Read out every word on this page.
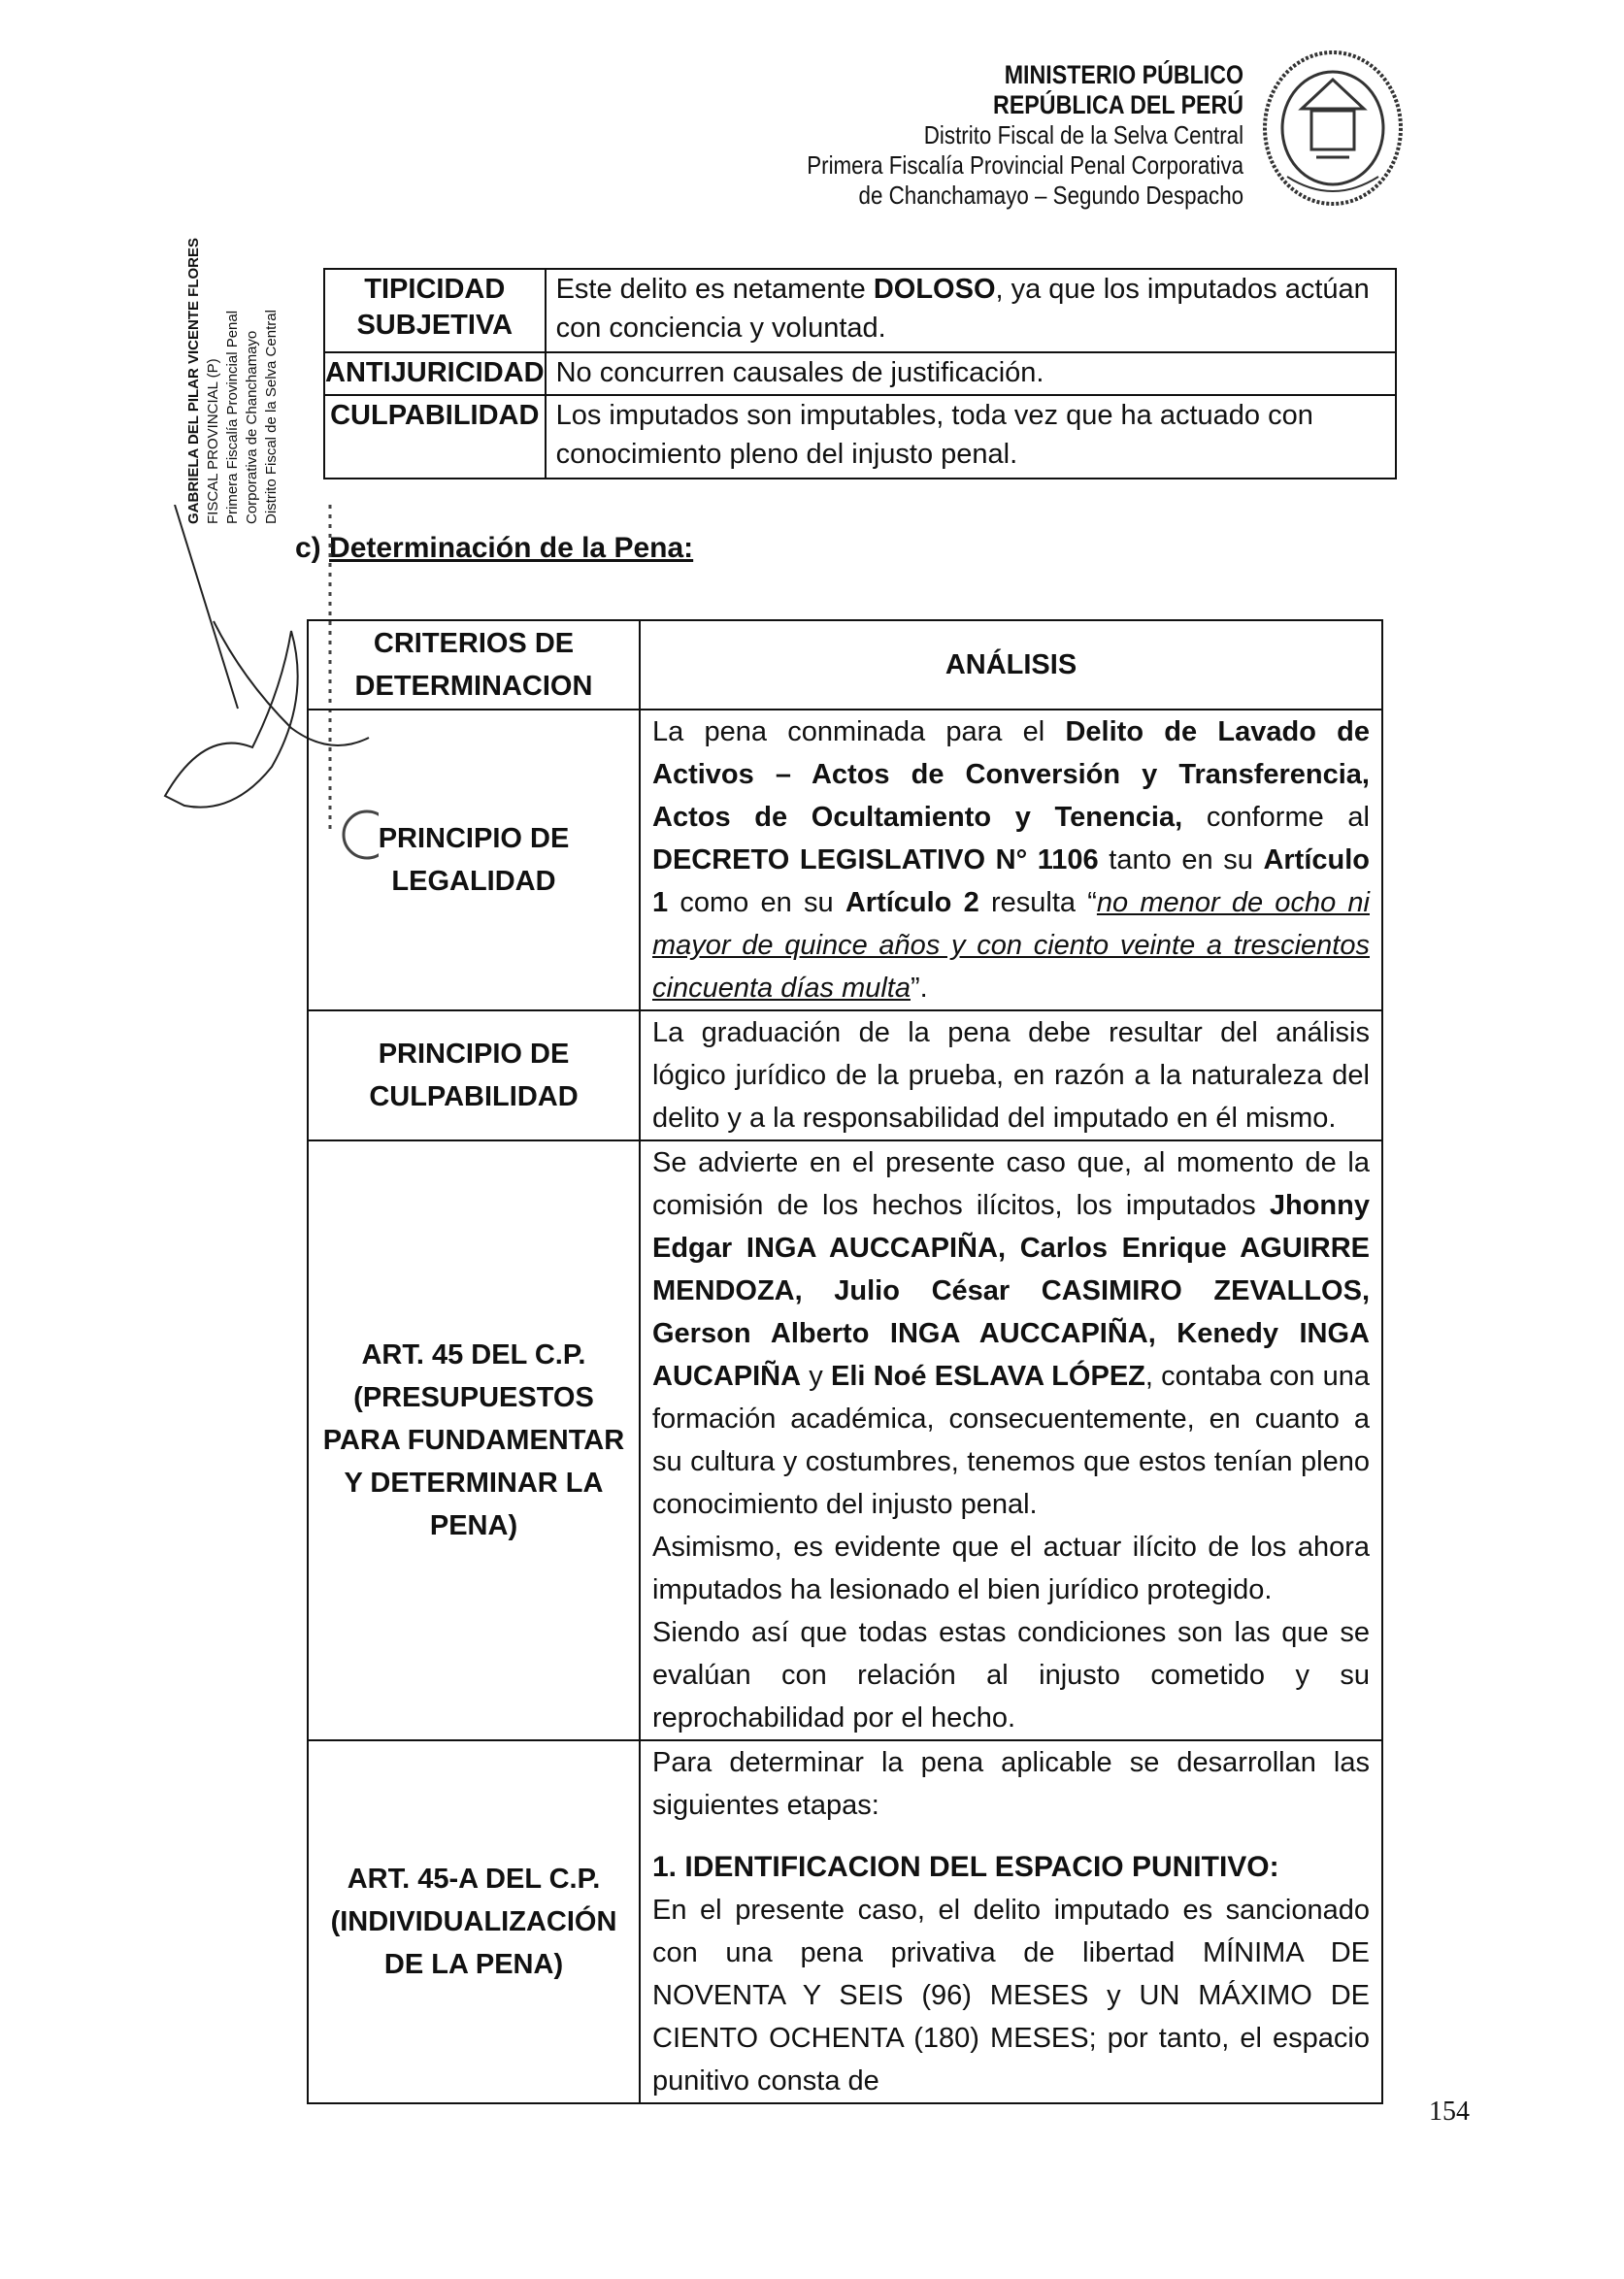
MINISTERIO PÚBLICO
REPÚBLICA DEL PERÚ
Distrito Fiscal de la Selva Central
Primera Fiscalía Provincial Penal Corporativa
de Chanchamayo – Segundo Despacho
TIPICIDAD SUBJETIVA	Este delito es netamente DOLOSO, ya que los imputados actúan con conciencia y voluntad.
ANTIJURICIDAD	No concurren causales de justificación.
CULPABILIDAD	Los imputados son imputables, toda vez que ha actuado con conocimiento pleno del injusto penal.
c) Determinación de la Pena:
GABRIELA DEL PILAR VICENTE FLORES FISCAL PROVINCIAL (P) Primera Fiscalía Provincial Penal Corporativa de Chanchamayo Distrito Fiscal de la Selva Central
CRITERIOS DE DETERMINACION	ANÁLISIS
PRINCIPIO DE LEGALIDAD	La pena conminada para el Delito de Lavado de Activos – Actos de Conversión y Transferencia, Actos de Ocultamiento y Tenencia, conforme al DECRETO LEGISLATIVO N° 1106 tanto en su Artículo 1 como en su Artículo 2 resulta “no menor de ocho ni mayor de quince años y con ciento veinte a trescientos cincuenta días multa”.
PRINCIPIO DE CULPABILIDAD	La graduación de la pena debe resultar del análisis lógico jurídico de la prueba, en razón a la naturaleza del delito y a la responsabilidad del imputado en él mismo.
ART. 45 DEL C.P. (PRESUPUESTOS PARA FUNDAMENTAR Y DETERMINAR LA PENA)	Se advierte en el presente caso que, al momento de la comisión de los hechos ilícitos, los imputados Jhonny Edgar INGA AUCCAPIÑA, Carlos Enrique AGUIRRE MENDOZA, Julio César CASIMIRO ZEVALLOS, Gerson Alberto INGA AUCCAPIÑA, Kenedy INGA AUCAPIÑA y Eli Noé ESLAVA LÓPEZ, contaba con una formación académica, consecuentemente, en cuanto a su cultura y costumbres, tenemos que estos tenían pleno conocimiento del injusto penal.
Asimismo, es evidente que el actuar ilícito de los ahora imputados ha lesionado el bien jurídico protegido.
Siendo así que todas estas condiciones son las que se evalúan con relación al injusto cometido y su reprochabilidad por el hecho.

ART. 45-A DEL C.P. (INDIVIDUALIZACIÓN DE LA PENA)	Para determinar la pena aplicable se desarrollan las siguientes etapas:
1. IDENTIFICACION DEL ESPACIO PUNITIVO:
En el presente caso, el delito imputado es sancionado con una pena privativa de libertad MÍNIMA DE NOVENTA Y SEIS (96) MESES y UN MÁXIMO DE CIENTO OCHENTA (180) MESES; por tanto, el espacio punitivo consta de
154
